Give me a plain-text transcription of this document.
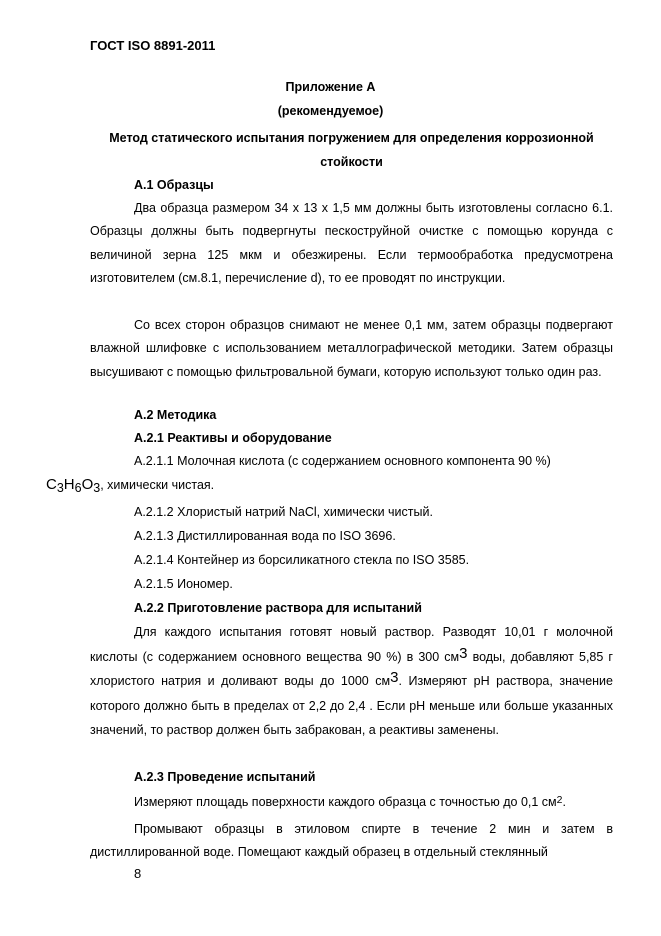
ГОСТ ISO 8891-2011
Приложение А
(рекомендуемое)
Метод статического испытания погружением для определения коррозионной стойкости
А.1 Образцы
Два образца размером 34 х 13 х 1,5 мм должны быть изготовлены согласно 6.1. Образцы должны быть подвергнуты пескоструйной очистке с помощью корунда с величиной зерна 125 мкм и обезжирены. Если термообработка предусмотрена изготовителем (см.8.1, перечисление d), то ее проводят по инструкции.
Со всех сторон образцов снимают не менее 0,1 мм, затем образцы подвергают влажной шлифовке с использованием металлографической методики. Затем образцы высушивают с помощью фильтровальной бумаги, которую используют только один раз.
А.2 Методика
А.2.1 Реактивы и оборудование
А.2.1.1 Молочная кислота (с содержанием основного компонента 90 %)
$C_3H_6O_3$, химически чистая.
А.2.1.2 Хлористый натрий NaCl, химически чистый.
А.2.1.3 Дистиллированная вода по ISO 3696.
А.2.1.4 Контейнер из борсиликатного стекла по ISO 3585.
А.2.1.5 Иономер.
А.2.2 Приготовление раствора для испытаний
Для каждого испытания готовят новый раствор. Разводят 10,01 г молочной кислоты (с содержанием основного вещества 90 %) в 300 $см^3$ воды, добавляют 5,85 г хлористого натрия и доливают воды до 1000 $см^3$. Измеряют pH раствора, значение которого должно быть в пределах от 2,2 до 2,4 . Если pH меньше или больше указанных значений, то раствор должен быть забракован, а реактивы заменены.
А.2.3 Проведение испытаний
Измеряют площадь поверхности каждого образца с точностью до 0,1 $см^2$.
Промывают образцы в этиловом спирте в течение 2 мин и затем в дистиллированной воде. Помещают каждый образец в отдельный стеклянный
8
